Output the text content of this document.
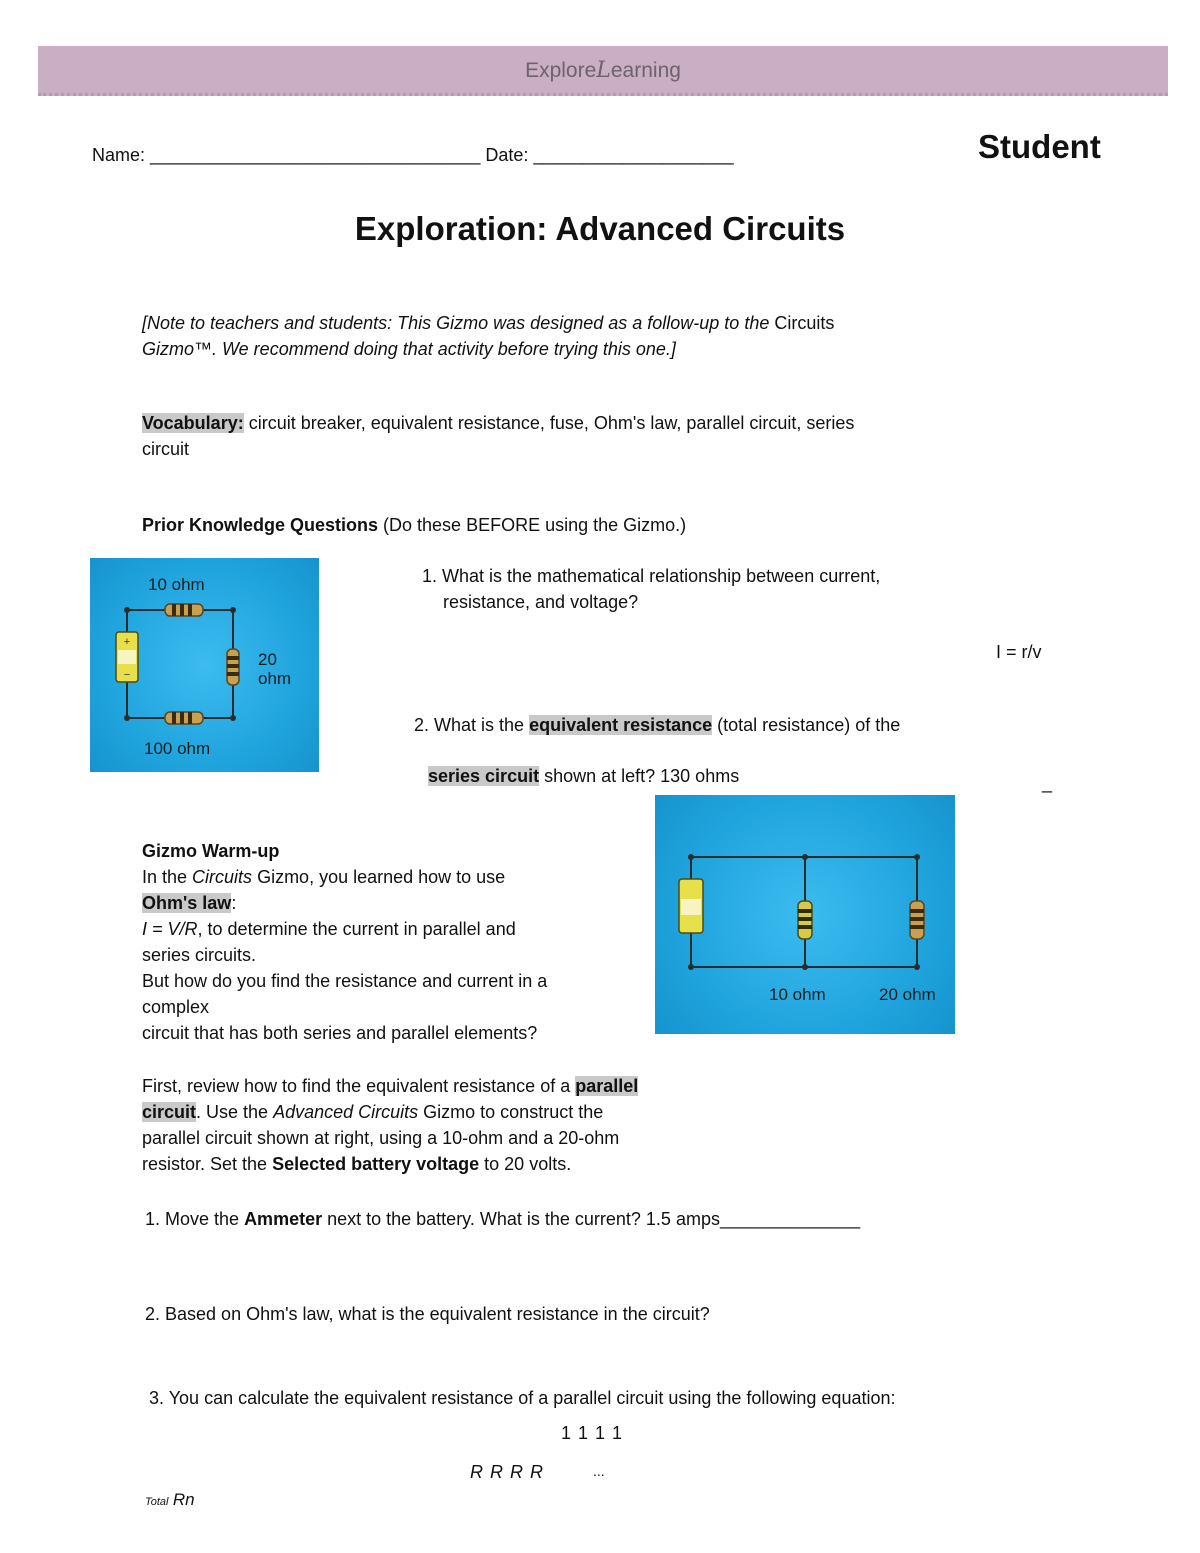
ExploreLearning
Name: _________________________________ Date: ____________________	Student
Exploration: Advanced Circuits
[Note to teachers and students: This Gizmo was designed as a follow-up to the Circuits
Gizmo™. We recommend doing that activity before trying this one.]
Vocabulary: circuit breaker, equivalent resistance, fuse, Ohm's law, parallel circuit, series
circuit
Prior Knowledge Questions (Do these BEFORE using the Gizmo.)
+
−
10 ohm
20
ohm
100 ohm
1. What is the mathematical relationship between current,
resistance, and voltage?
I = r/v
2. What is the equivalent resistance (total resistance) of the
series circuit shown at left? 130 ohms	_
10 ohm	20 ohm
Gizmo Warm-up
In the Circuits Gizmo, you learned how to use
Ohm's law:
I = V/R, to determine the current in parallel and
series circuits.
But how do you find the resistance and current in a
complex
circuit that has both series and parallel elements?
First, review how to find the equivalent resistance of a parallel
circuit. Use the Advanced Circuits Gizmo to construct the
parallel circuit shown at right, using a 10-ohm and a 20-ohm
resistor. Set the Selected battery voltage to 20 volts.
1. Move the Ammeter next to the battery. What is the current? 1.5 amps______________
2. Based on Ohm's law, what is the equivalent resistance in the circuit?
3. You can calculate the equivalent resistance of a parallel circuit using the following equation:
1 1 1 1
R R R R	...
Total Rn
